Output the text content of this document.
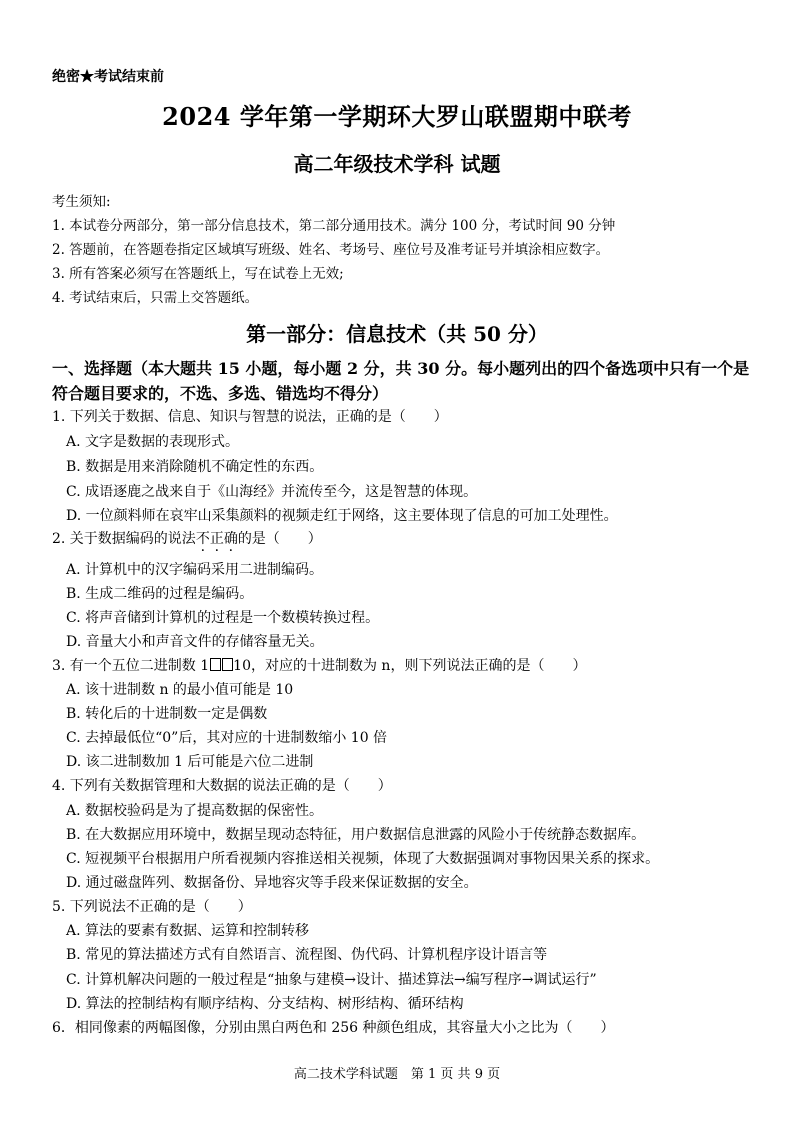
绝密★考试结束前
2024 学年第一学期环大罗山联盟期中联考
高二年级技术学科 试题
考生须知:
1. 本试卷分两部分，第一部分信息技术，第二部分通用技术。满分 100 分，考试时间 90 分钟
2. 答题前，在答题卷指定区域填写班级、姓名、考场号、座位号及准考证号并填涂相应数字。
3. 所有答案必须写在答题纸上，写在试卷上无效;
4. 考试结束后，只需上交答题纸。
第一部分：信息技术（共 50 分）
一、选择题（本大题共 15 小题，每小题 2 分，共 30 分。每小题列出的四个备选项中只有一个是符合题目要求的，不选、多选、错选均不得分）
1. 下列关于数据、信息、知识与智慧的说法，正确的是（　　）
A. 文字是数据的表现形式。
B. 数据是用来消除随机不确定性的东西。
C. 成语逐鹿之战来自于《山海经》并流传至今，这是智慧的体现。
D. 一位颜料师在哀牢山采集颜料的视频走红于网络，这主要体现了信息的可加工处理性。
2. 关于数据编码的说法不正确的是（　　）
A. 计算机中的汉字编码采用二进制编码。
B. 生成二维码的过程是编码。
C. 将声音储到计算机的过程是一个数模转换过程。
D. 音量大小和声音文件的存储容量无关。
3. 有一个五位二进制数 1 10，对应的十进制数为 n，则下列说法正确的是（　　）
A. 该十进制数 n 的最小值可能是 10
B. 转化后的十进制数一定是偶数
C. 去掉最低位“0”后，其对应的十进制数缩小 10 倍
D. 该二进制数加 1 后可能是六位二进制
4. 下列有关数据管理和大数据的说法正确的是（　　）
A. 数据校验码是为了提高数据的保密性。
B. 在大数据应用环境中，数据呈现动态特征，用户数据信息泄露的风险小于传统静态数据库。
C. 短视频平台根据用户所看视频内容推送相关视频，体现了大数据强调对事物因果关系的探求。
D. 通过磁盘阵列、数据备份、异地容灾等手段来保证数据的安全。
5. 下列说法不正确的是（　　）
A. 算法的要素有数据、运算和控制转移
B. 常见的算法描述方式有自然语言、流程图、伪代码、计算机程序设计语言等
C. 计算机解决问题的一般过程是“抽象与建模→设计、描述算法→编写程序→调试运行”
D. 算法的控制结构有顺序结构、分支结构、树形结构、循环结构
6．相同像素的两幅图像，分别由黑白两色和 256 种颜色组成，其容量大小之比为（　　）
高二技术学科试题　第 1 页 共 9 页
